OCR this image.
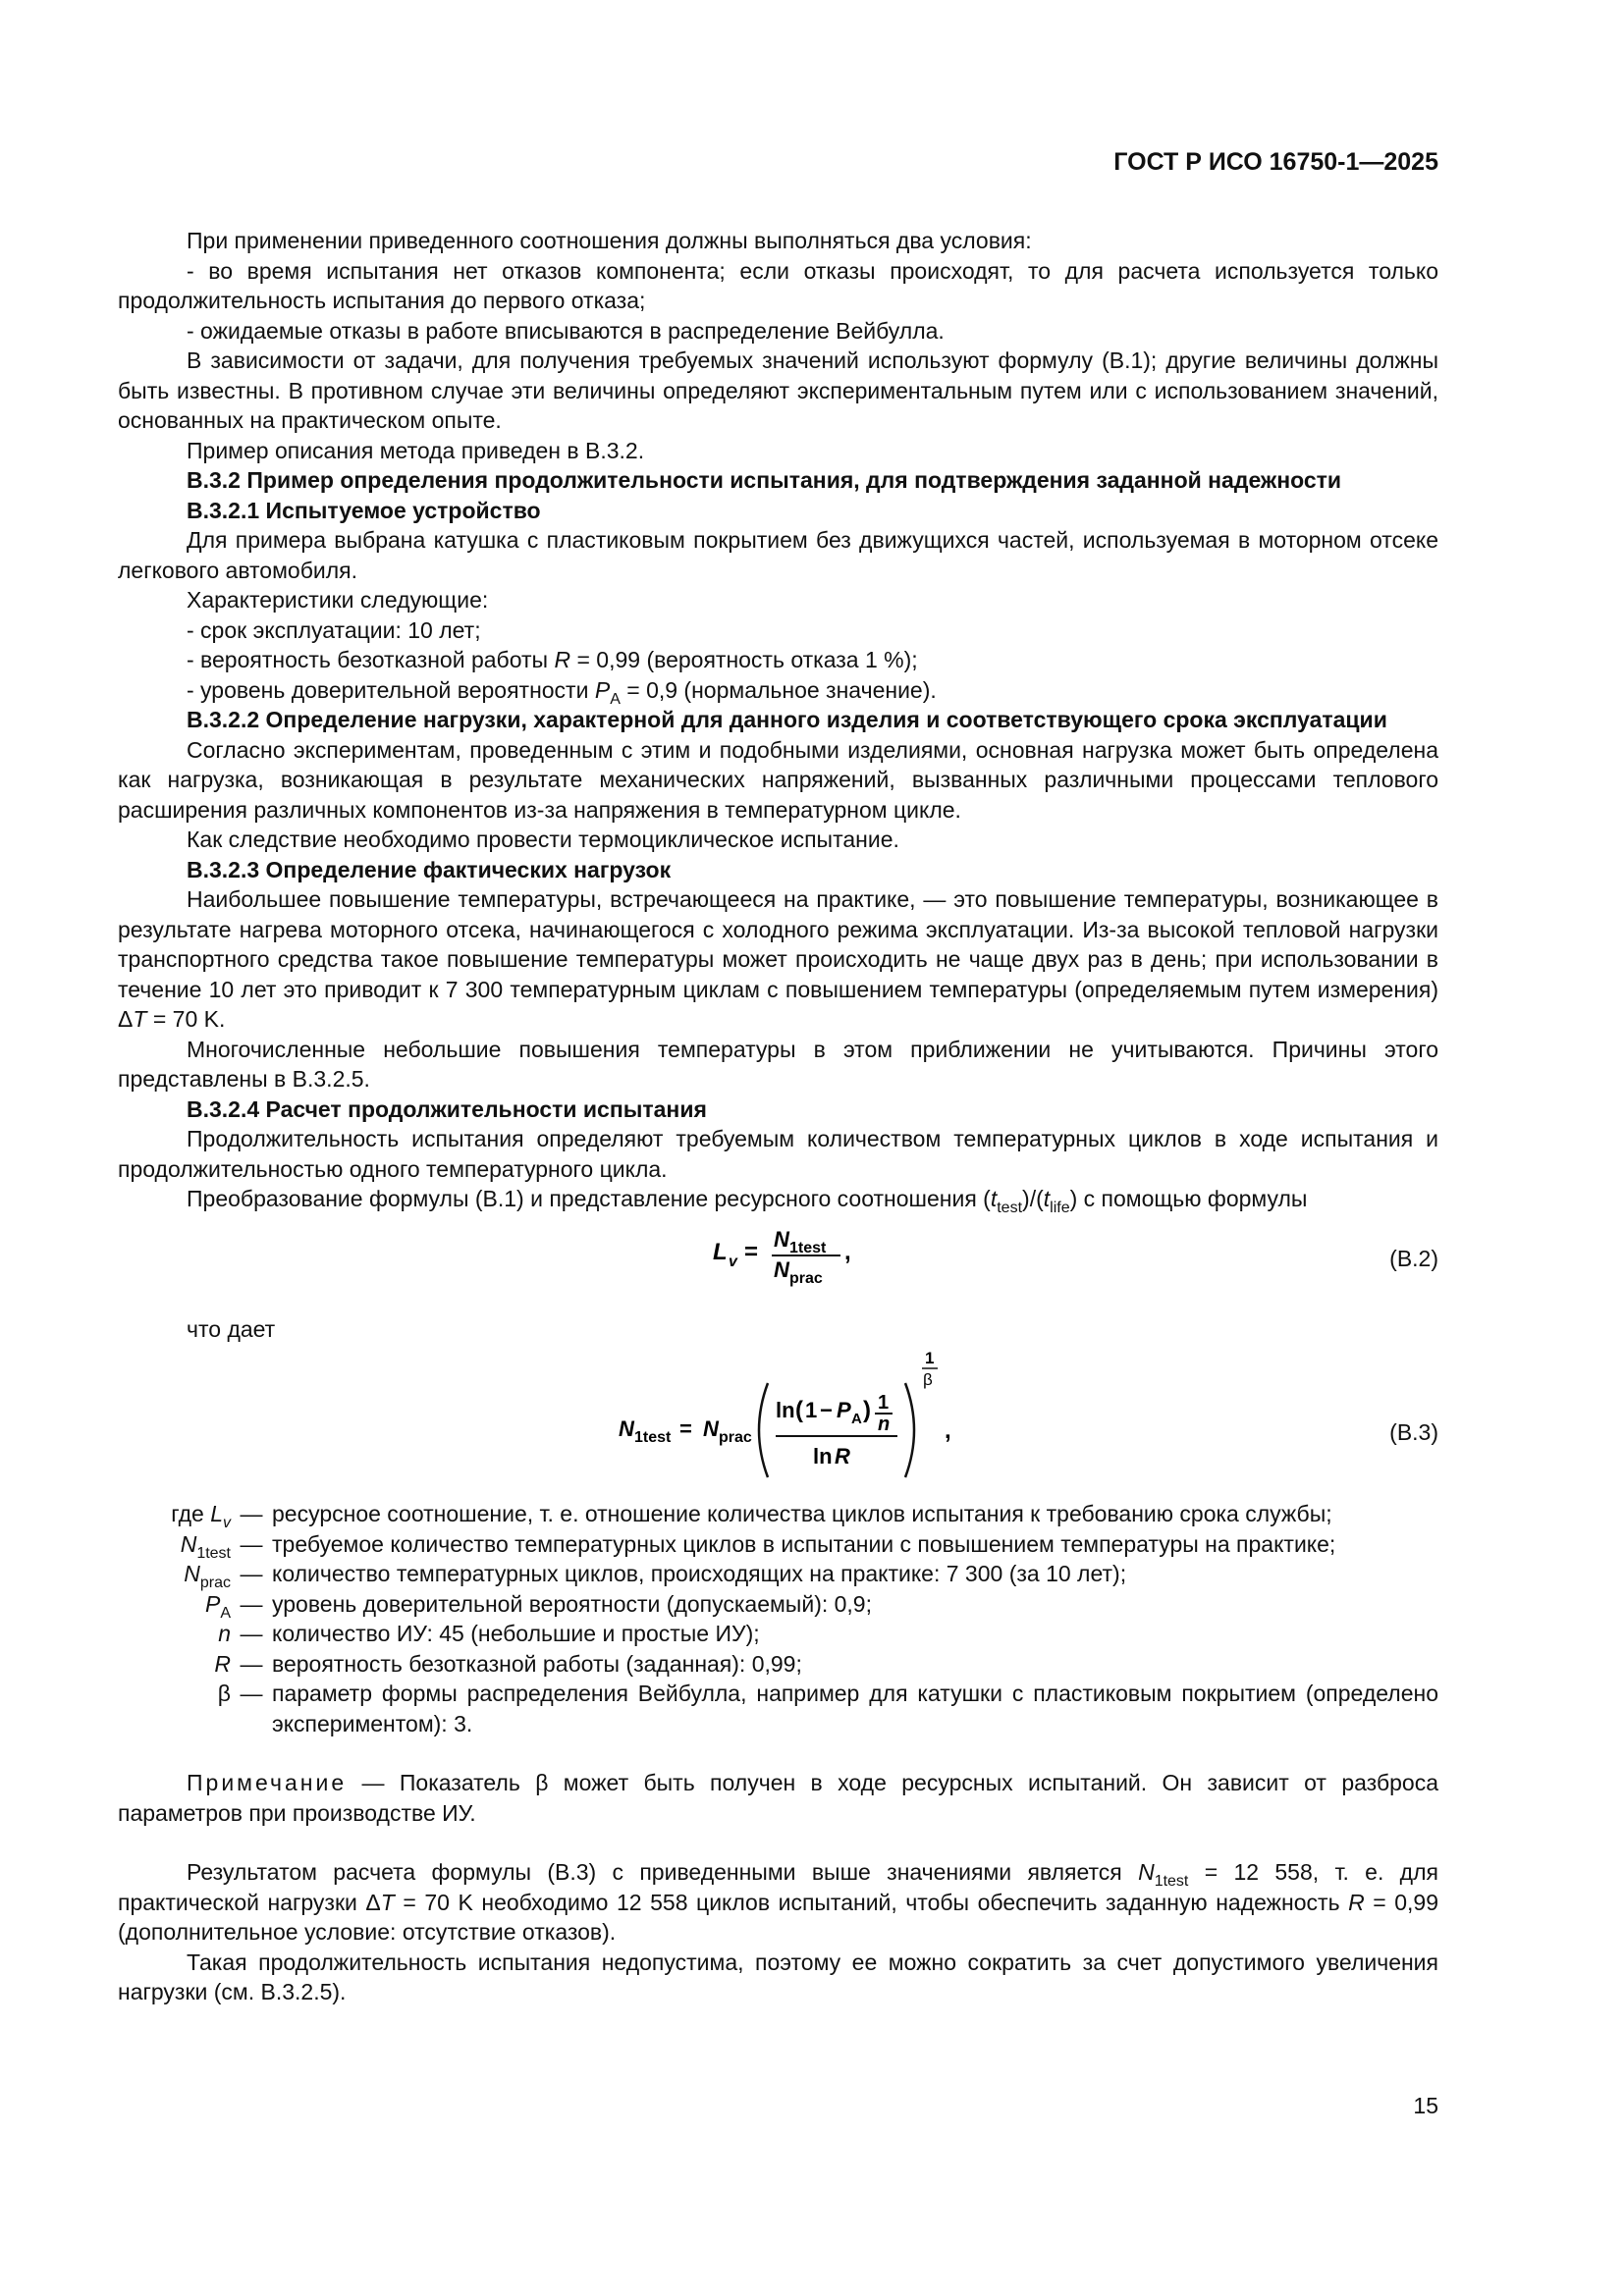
ГОСТ Р ИСО 16750-1—2025

При применении приведенного соотношения должны выполняться два условия:

- во время испытания нет отказов компонента; если отказы происходят, то для расчета используется только продолжительность испытания до первого отказа;

- ожидаемые отказы в работе вписываются в распределение Вейбулла.

В зависимости от задачи, для получения требуемых значений используют формулу (B.1); другие величины должны быть известны. В противном случае эти величины определяют экспериментальным путем или с использованием значений, основанных на практическом опыте.

Пример описания метода приведен в B.3.2.

B.3.2 Пример определения продолжительности испытания, для подтверждения заданной надежности

B.3.2.1 Испытуемое устройство

Для примера выбрана катушка с пластиковым покрытием без движущихся частей, используемая в моторном отсеке легкового автомобиля.

Характеристики следующие:

- срок эксплуатации: 10 лет;

- вероятность безотказной работы R = 0,99 (вероятность отказа 1 %);

- уровень доверительной вероятности $P_A = 0,9$ (нормальное значение).

B.3.2.2 Определение нагрузки, характерной для данного изделия и соответствующего срока эксплуатации

Согласно экспериментам, проведенным с этим и подобными изделиями, основная нагрузка может быть определена как нагрузка, возникающая в результате механических напряжений, вызванных различными процессами теплового расширения различных компонентов из-за напряжения в температурном цикле.

Как следствие необходимо провести термоциклическое испытание.

B.3.2.3 Определение фактических нагрузок

Наибольшее повышение температуры, встречающееся на практике, — это повышение температуры, возникающее в результате нагрева моторного отсека, начинающегося с холодного режима эксплуатации. Из-за высокой тепловой нагрузки транспортного средства такое повышение температуры может происходить не чаще двух раз в день; при использовании в течение 10 лет это приводит к 7 300 температурным циклам с повышением температуры (определяемым путем измерения) ΔT = 70 K.

Многочисленные небольшие повышения температуры в этом приближении не учитываются. Причины этого представлены в B.3.2.5.

B.3.2.4 Расчет продолжительности испытания

Продолжительность испытания определяют требуемым количеством температурных циклов в ходе испытания и продолжительностью одного температурного цикла.

Преобразование формулы (B.1) и представление ресурсного соотношения $(t_{test})/(t_{life})$ с помощью формулы

L v = N 1test
N prac
,	(B.2)

что дает

N 1test = N prac
ln ( 1 − P A ) 1
n
ln R
1
β
,	(B.3)
где $L_v$ — ресурсное соотношение, т. е. отношение количества циклов испытания к требованию срока службы;
$N_{1test}$ — требуемое количество температурных циклов в испытании с повышением температуры на практике;
$N_{prac}$ — количество температурных циклов, происходящих на практике: 7 300 (за 10 лет);
$P_A$ — уровень доверительной вероятности (допускаемый): 0,9;
n — количество ИУ: 45 (небольшие и простые ИУ);
R — вероятность безотказной работы (заданная): 0,99;
β — параметр формы распределения Вейбулла, например для катушки с пластиковым покрытием (определено экспериментом): 3.

Примечание — Показатель β может быть получен в ходе ресурсных испытаний. Он зависит от разброса параметров при производстве ИУ.

Результатом расчета формулы (B.3) с приведенными выше значениями является $N_{1test} = 12$ 558, т. е. для практической нагрузки ΔT = 70 K необходимо 12 558 циклов испытаний, чтобы обеспечить заданную надежность R = 0,99 (дополнительное условие: отсутствие отказов).

Такая продолжительность испытания недопустима, поэтому ее можно сократить за счет допустимого увеличения нагрузки (см. B.3.2.5).

15
